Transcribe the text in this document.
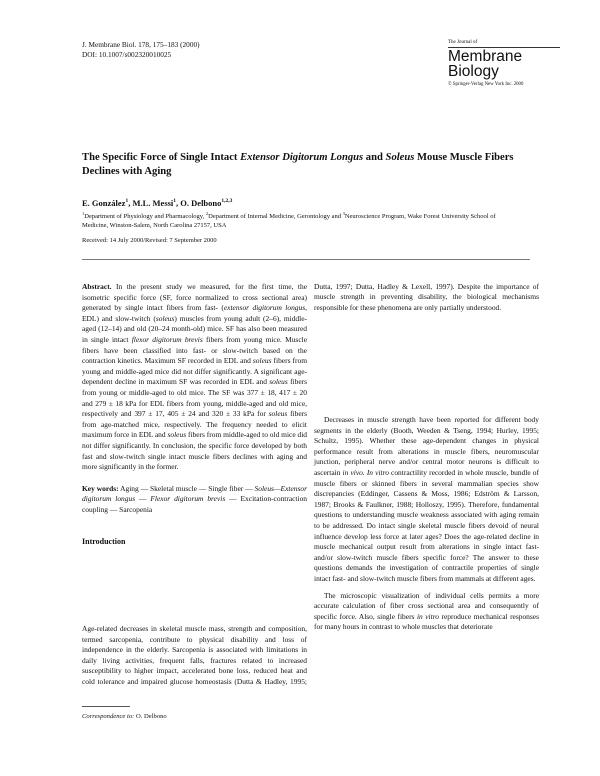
J. Membrane Biol. 178, 175–183 (2000)
DOI: 10.1007/s002320010025
The Journal of
Membrane
Biology
© Springer-Verlag New York Inc. 2000
The Specific Force of Single Intact Extensor Digitorum Longus and Soleus Mouse Muscle Fibers Declines with Aging
E. González$^1$, M.L. Messi$^1$, O. Delbono$^{1,2,3}$
$^1$Department of Physiology and Pharmacology, $^2$Department of Internal Medicine, Gerontology and $^3$Neuroscience Program, Wake Forest University School of Medicine, Winston-Salem, North Carolina 27157, USA
Received: 14 July 2000/Revised: 7 September 2000

Abstract. In the present study we measured, for the first time, the isometric specific force (SF, force normalized to cross sectional area) generated by single intact fibers from fast- (extensor digitorum longus, EDL) and slow-twitch (soleus) muscles from young adult (2–6), middle-aged (12–14) and old (20–24 month-old) mice. SF has also been measured in single intact flexor digitorum brevis fibers from young mice. Muscle fibers have been classified into fast- or slow-twitch based on the contraction kinetics. Maximum SF recorded in EDL and soleus fibers from young and middle-aged mice did not differ significantly. A significant age-dependent decline in maximum SF was recorded in EDL and soleus fibers from young or middle-aged to old mice. The SF was 377 ± 18, 417 ± 20 and 279 ± 18 kPa for EDL fibers from young, middle-aged and old mice, respectively and 397 ± 17, 405 ± 24 and 320 ± 33 kPa for soleus fibers from age-matched mice, respectively. The frequency needed to elicit maximum force in EDL and soleus fibers from middle-aged to old mice did not differ significantly. In conclusion, the specific force developed by both fast and slow-twitch single intact muscle fibers declines with aging and more significantly in the former.

Key words: Aging — Skeletal muscle — Single fiber — Soleus—Extensor digitorum longus — Flexor digitorum brevis — Excitation-contraction coupling — Sarcopenia

Introduction

Age-related decreases in skeletal muscle mass, strength and composition, termed sarcopenia, contribute to physical disability and loss of independence in the elderly. Sarcopenia is associated with limitations in daily living activities, frequent falls, fractures related to increased susceptibility to higher impact, accelerated bone loss, reduced heat and cold tolerance and impaired glucose homeostasis (Dutta & Hadley, 1995;

Dutta, 1997; Dutta, Hadley & Lexell, 1997). Despite the importance of muscle strength in preventing disability, the biological mechanisms responsible for these phenomena are only partially understood.

Decreases in muscle strength have been reported for different body segments in the elderly (Booth, Weeden & Tseng, 1994; Hurley, 1995; Schultz, 1995). Whether these age-dependent changes in physical performance result from alterations in muscle fibers, neuromuscular junction, peripheral nerve and/or central motor neurons is difficult to ascertain in vivo. In vitro contractility recorded in whole muscle, bundle of muscle fibers or skinned fibers in several mammalian species show discrepancies (Eddinger, Cassens & Moss, 1986; Edström & Larsson, 1987; Brooks & Faulkner, 1988; Holloszy, 1995). Therefore, fundamental questions to understanding muscle weakness associated with aging remain to be addressed. Do intact single skeletal muscle fibers devoid of neural influence develop less force at later ages? Does the age-related decline in muscle mechanical output result from alterations in single intact fast- and/or slow-twitch muscle fibers specific force? The answer to these questions demands the investigation of contractile properties of single intact fast- and slow-twitch muscle fibers from mammals at different ages.

The microscopic visualization of individual cells permits a more accurate calculation of fiber cross sectional area and consequently of specific force. Also, single fibers in vitro reproduce mechanical responses for many hours in contrast to whole muscles that deteriorate

Correspondence to: O. Delbono
